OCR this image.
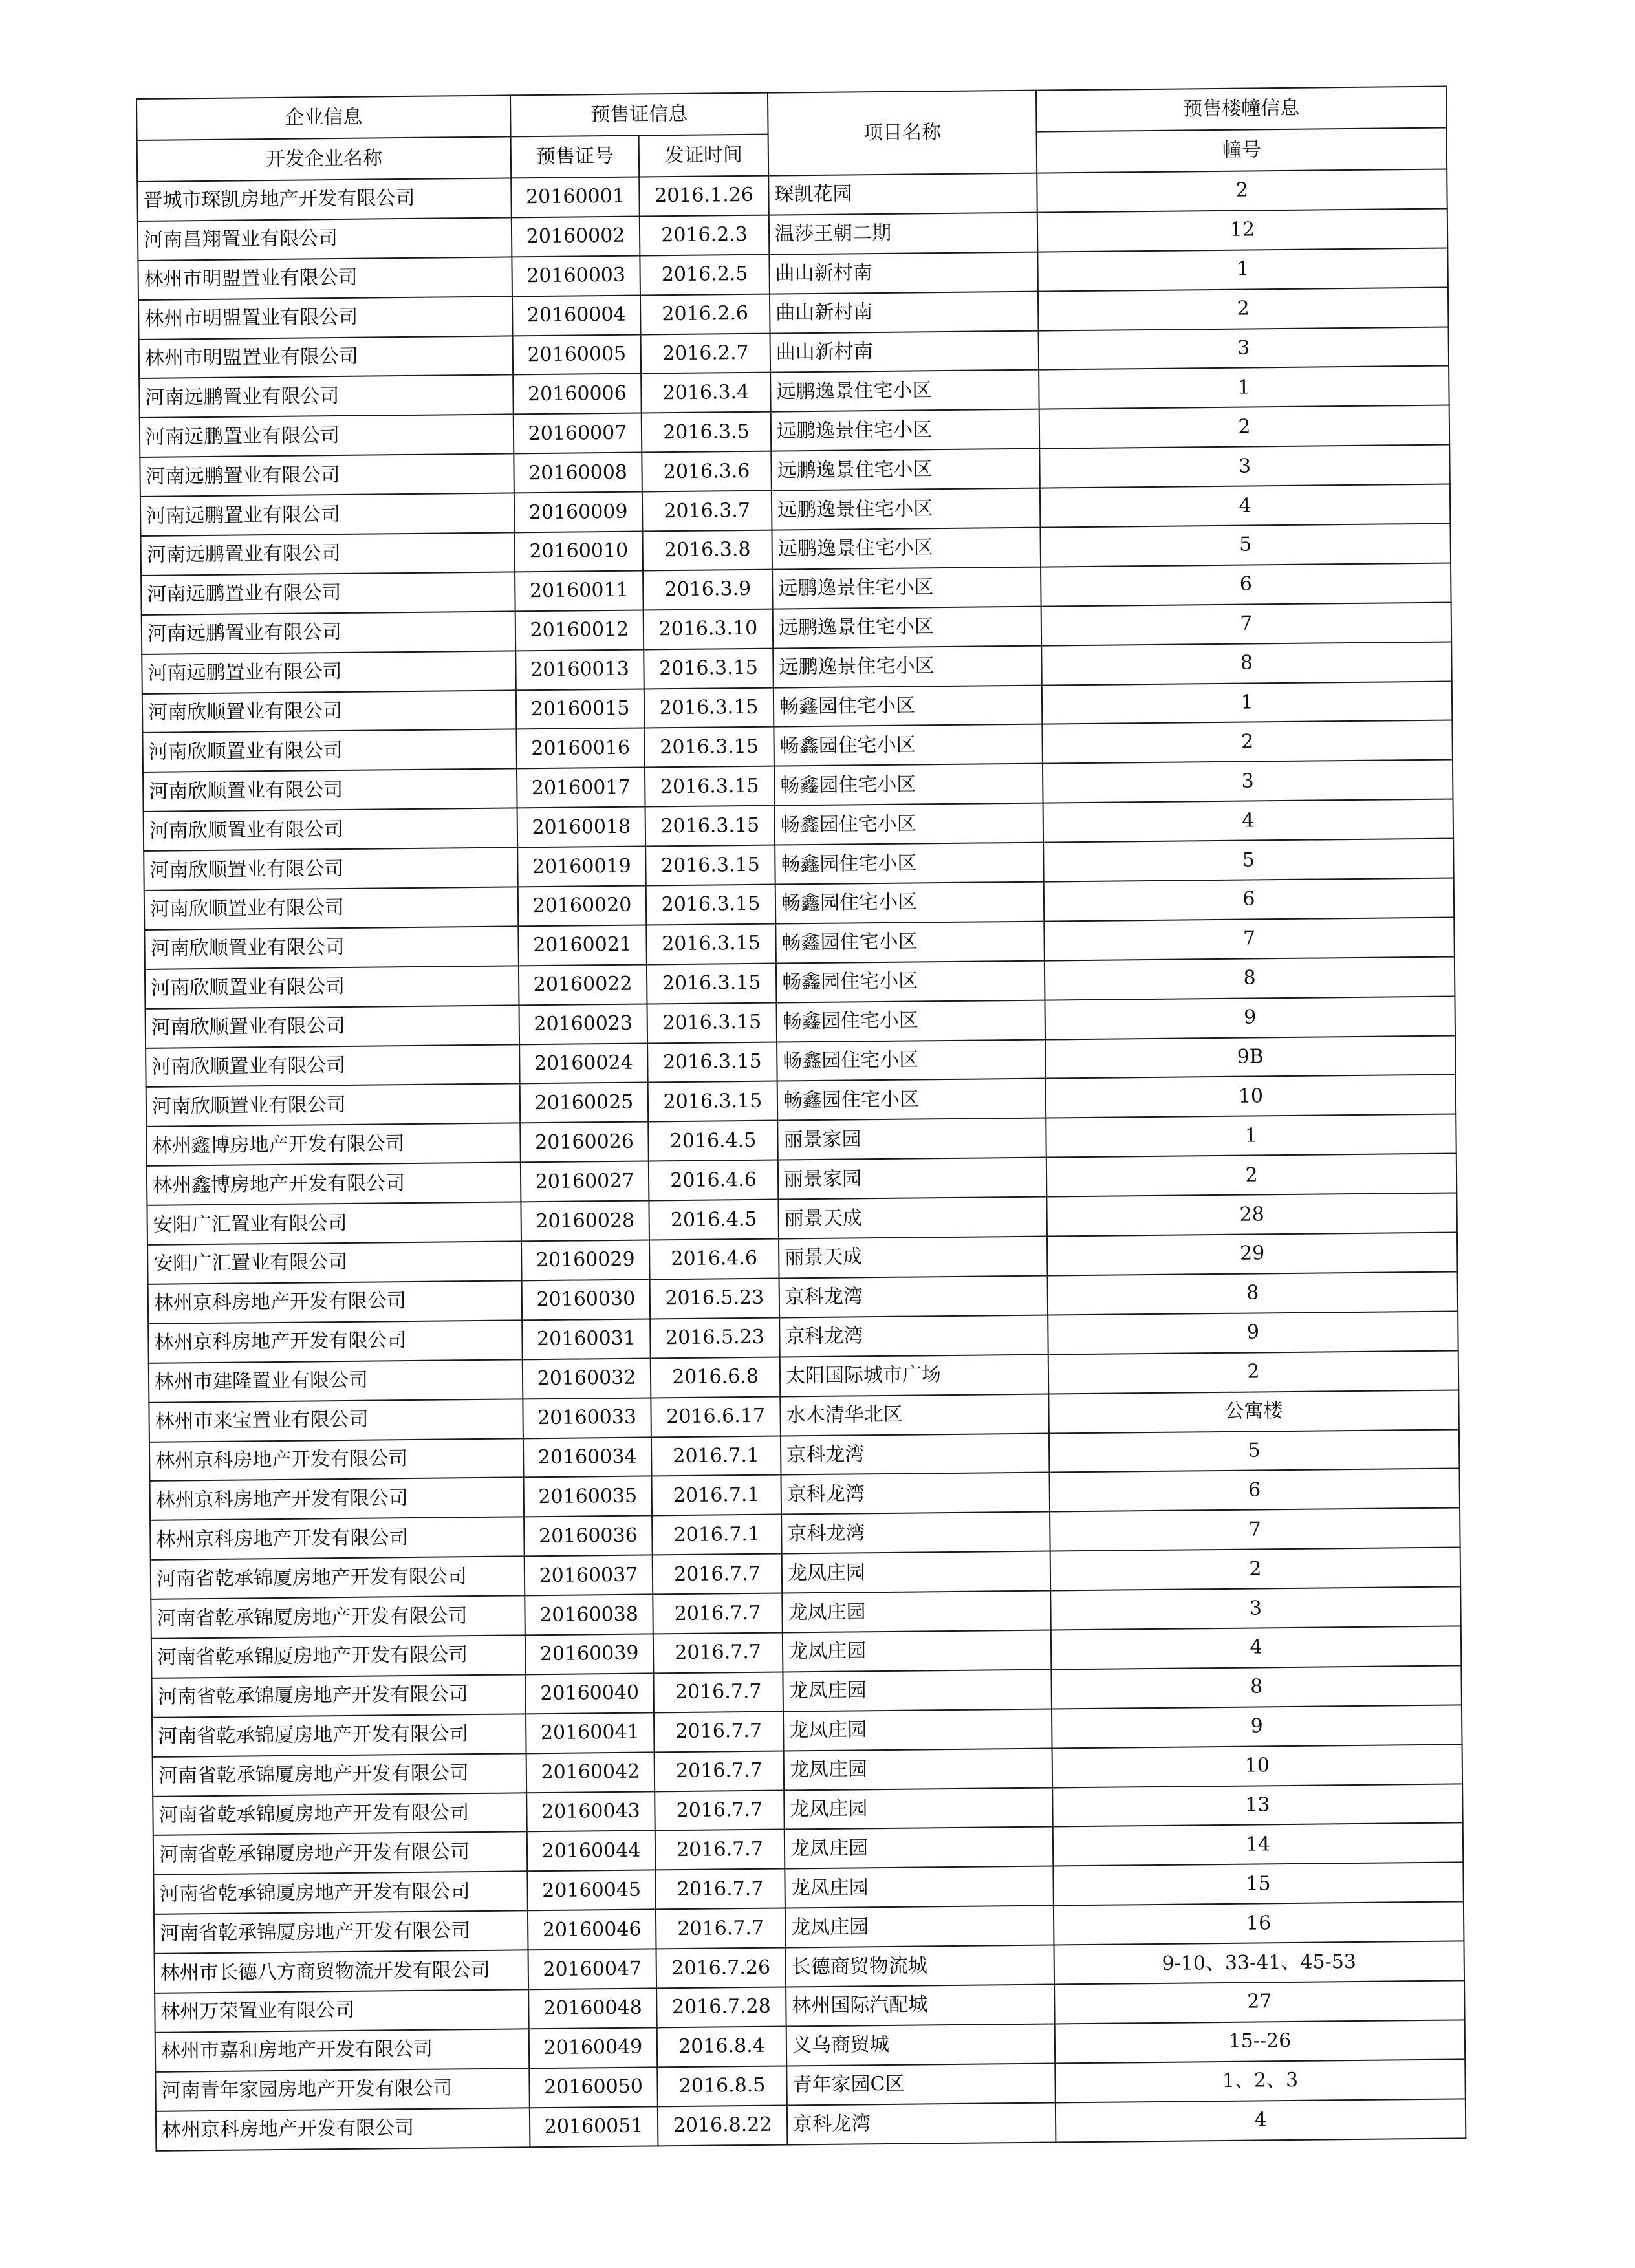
企业信息	预售证信息		项目名称	预售楼幢信息
开发企业名称	预售证号	发证时间		幢号
晋城市琛凯房地产开发有限公司	20160001	2016.1.26	琛凯花园	2
河南昌翔置业有限公司	20160002	2016.2.3	温莎王朝二期	12
林州市明盟置业有限公司	20160003	2016.2.5	曲山新村南	1
林州市明盟置业有限公司	20160004	2016.2.6	曲山新村南	2
林州市明盟置业有限公司	20160005	2016.2.7	曲山新村南	3
河南远鹏置业有限公司	20160006	2016.3.4	远鹏逸景住宅小区	1
河南远鹏置业有限公司	20160007	2016.3.5	远鹏逸景住宅小区	2
河南远鹏置业有限公司	20160008	2016.3.6	远鹏逸景住宅小区	3
河南远鹏置业有限公司	20160009	2016.3.7	远鹏逸景住宅小区	4
河南远鹏置业有限公司	20160010	2016.3.8	远鹏逸景住宅小区	5
河南远鹏置业有限公司	20160011	2016.3.9	远鹏逸景住宅小区	6
河南远鹏置业有限公司	20160012	2016.3.10	远鹏逸景住宅小区	7
河南远鹏置业有限公司	20160013	2016.3.15	远鹏逸景住宅小区	8
河南欣顺置业有限公司	20160015	2016.3.15	畅鑫园住宅小区	1
河南欣顺置业有限公司	20160016	2016.3.15	畅鑫园住宅小区	2
河南欣顺置业有限公司	20160017	2016.3.15	畅鑫园住宅小区	3
河南欣顺置业有限公司	20160018	2016.3.15	畅鑫园住宅小区	4
河南欣顺置业有限公司	20160019	2016.3.15	畅鑫园住宅小区	5
河南欣顺置业有限公司	20160020	2016.3.15	畅鑫园住宅小区	6
河南欣顺置业有限公司	20160021	2016.3.15	畅鑫园住宅小区	7
河南欣顺置业有限公司	20160022	2016.3.15	畅鑫园住宅小区	8
河南欣顺置业有限公司	20160023	2016.3.15	畅鑫园住宅小区	9
河南欣顺置业有限公司	20160024	2016.3.15	畅鑫园住宅小区	9B
河南欣顺置业有限公司	20160025	2016.3.15	畅鑫园住宅小区	10
林州鑫博房地产开发有限公司	20160026	2016.4.5	丽景家园	1
林州鑫博房地产开发有限公司	20160027	2016.4.6	丽景家园	2
安阳广汇置业有限公司	20160028	2016.4.5	丽景天成	28
安阳广汇置业有限公司	20160029	2016.4.6	丽景天成	29
林州京科房地产开发有限公司	20160030	2016.5.23	京科龙湾	8
林州京科房地产开发有限公司	20160031	2016.5.23	京科龙湾	9
林州市建隆置业有限公司	20160032	2016.6.8	太阳国际城市广场	2
林州市来宝置业有限公司	20160033	2016.6.17	水木清华北区	公寓楼
林州京科房地产开发有限公司	20160034	2016.7.1	京科龙湾	5
林州京科房地产开发有限公司	20160035	2016.7.1	京科龙湾	6
林州京科房地产开发有限公司	20160036	2016.7.1	京科龙湾	7
河南省乾承锦厦房地产开发有限公司	20160037	2016.7.7	龙凤庄园	2
河南省乾承锦厦房地产开发有限公司	20160038	2016.7.7	龙凤庄园	3
河南省乾承锦厦房地产开发有限公司	20160039	2016.7.7	龙凤庄园	4
河南省乾承锦厦房地产开发有限公司	20160040	2016.7.7	龙凤庄园	8
河南省乾承锦厦房地产开发有限公司	20160041	2016.7.7	龙凤庄园	9
河南省乾承锦厦房地产开发有限公司	20160042	2016.7.7	龙凤庄园	10
河南省乾承锦厦房地产开发有限公司	20160043	2016.7.7	龙凤庄园	13
河南省乾承锦厦房地产开发有限公司	20160044	2016.7.7	龙凤庄园	14
河南省乾承锦厦房地产开发有限公司	20160045	2016.7.7	龙凤庄园	15
河南省乾承锦厦房地产开发有限公司	20160046	2016.7.7	龙凤庄园	16
林州市长德八方商贸物流开发有限公司	20160047	2016.7.26	长德商贸物流城	9-10、33-41、45-53
林州万荣置业有限公司	20160048	2016.7.28	林州国际汽配城	27
林州市嘉和房地产开发有限公司	20160049	2016.8.4	义乌商贸城	15--26
河南青年家园房地产开发有限公司	20160050	2016.8.5	青年家园C区	1、2、3
林州京科房地产开发有限公司	20160051	2016.8.22	京科龙湾	4
